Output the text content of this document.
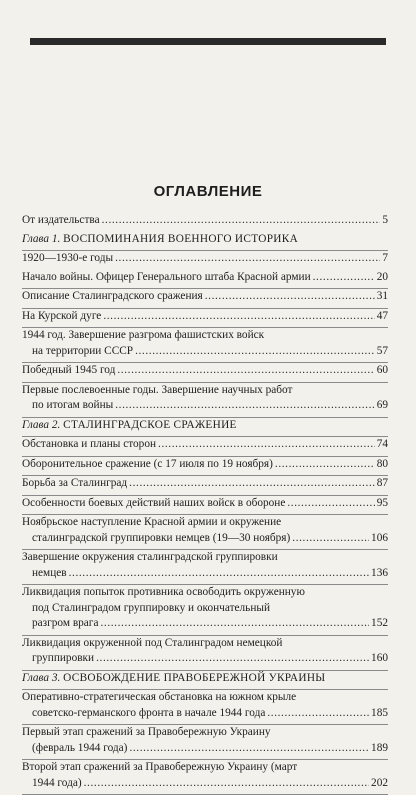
ОГЛАВЛЕНИЕ
От издательства .....	5
Глава 1.
ВОСПОМИНАНИЯ ВОЕННОГО ИСТОРИКА
1920—1930-е годы .....	7
Начало войны. Офицер Генерального штаба Красной армии .....	20
Описание Сталинградского сражения .....	31
На Курской дуге .....	47
1944 год. Завершение разгрома фашистских войск
на территории СССР .....	57
Победный 1945 год .....	60
Первые послевоенные годы. Завершение научных работ
по итогам войны .....	69
Глава 2.
СТАЛИНГРАДСКОЕ СРАЖЕНИЕ
Обстановка и планы сторон .....	74
Оборонительное сражение (с 17 июля по 19 ноября) .....	80
Борьба за Сталинград .....	87
Особенности боевых действий наших войск в обороне .....	95
Ноябрьское наступление Красной армии и окружение
сталинградской группировки немцев (19—30 ноября) .....	106
Завершение окружения сталинградской группировки
немцев .....	136
Ликвидация попыток противника освободить окруженную
под Сталинградом группировку и окончательный
разгром врага .....	152
Ликвидация окруженной под Сталинградом немецкой
группировки .....	160
Глава 3.
ОСВОБОЖДЕНИЕ ПРАВОБЕРЕЖНОЙ УКРАИНЫ
Оперативно-стратегическая обстановка на южном крыле
советско-германского фронта в начале 1944 года .....	185
Первый этап сражений за Правобережную Украину
(февраль 1944 года) .....	189
Второй этап сражений за Правобережную Украину (март
1944 года) .....	202
